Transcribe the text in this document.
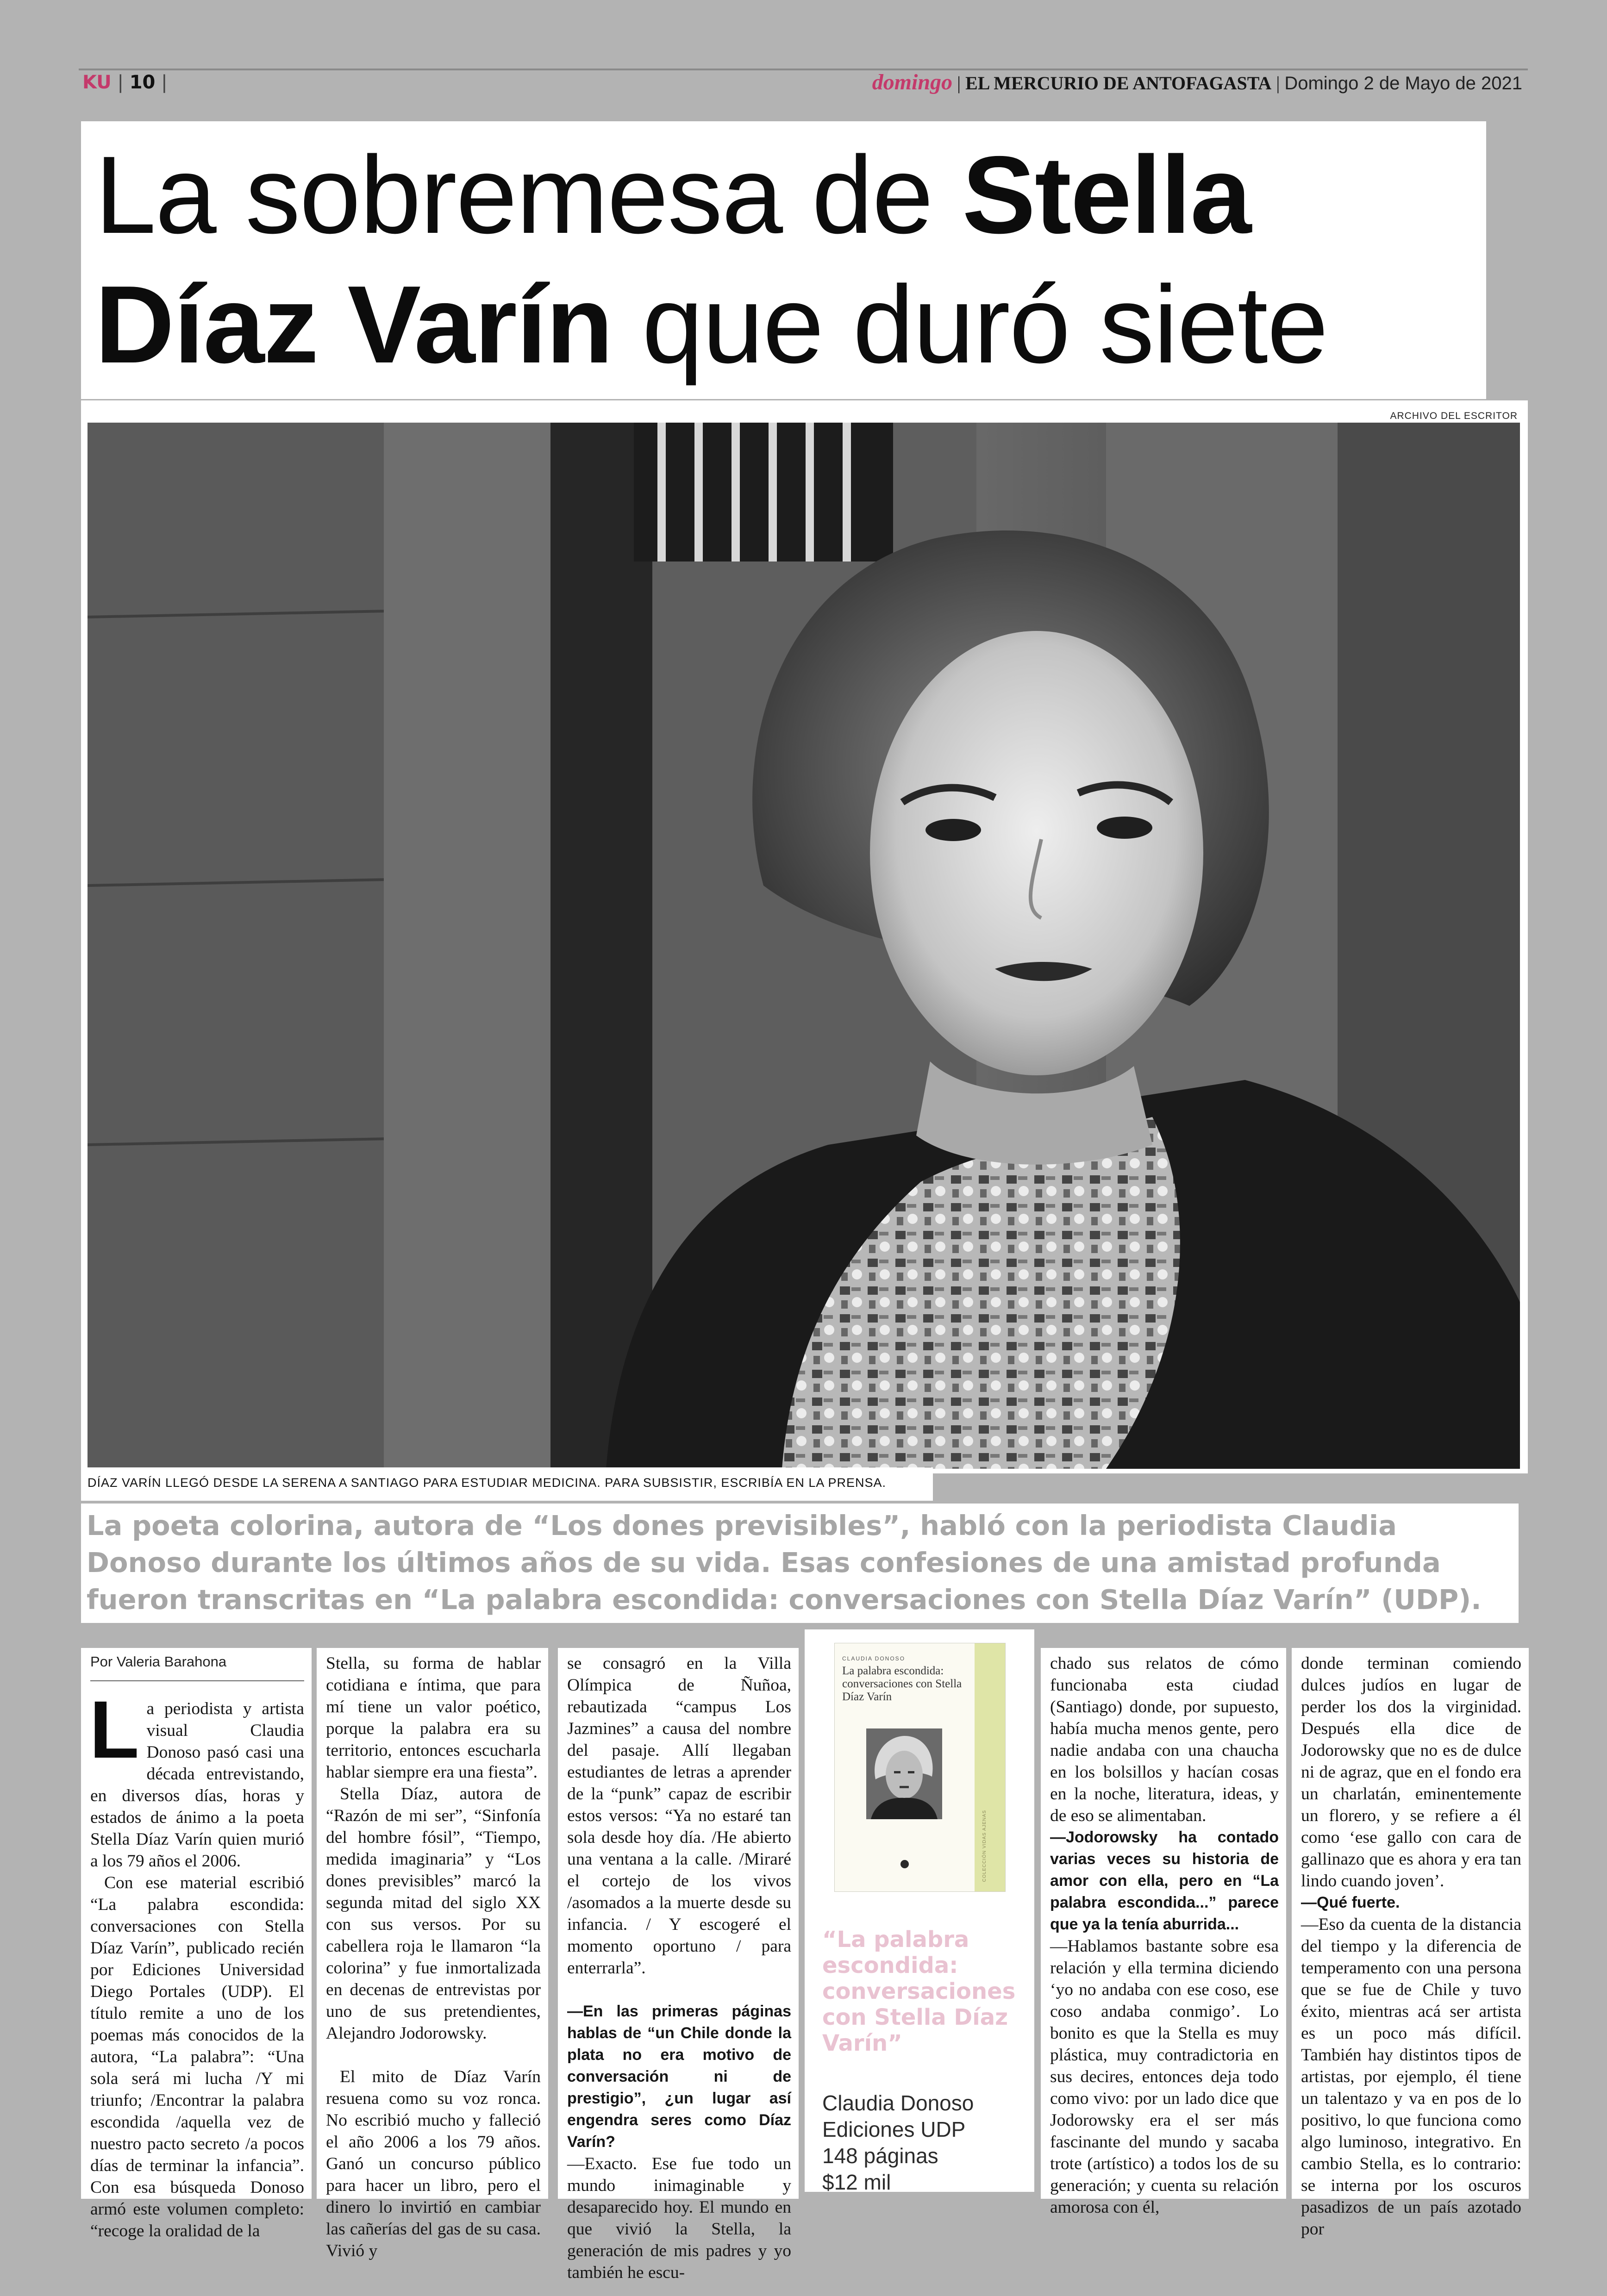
KU | 10 |	domingo | EL MERCURIO DE ANTOFAGASTA | Domingo 2 de Mayo de 2021
La sobremesa de Stella Díaz Varín que duró siete
ARCHIVO DEL ESCRITOR
DÍAZ VARÍN LLEGÓ DESDE LA SERENA A SANTIAGO PARA ESTUDIAR MEDICINA. PARA SUBSISTIR, ESCRIBÍA EN LA PRENSA.
La poeta colorina, autora de “Los dones previsibles”, habló con la periodista Claudia Donoso durante los últimos años de su vida. Esas confesiones de una amistad profunda fueron transcritas en “La palabra escondida: conversaciones con Stella Díaz Varín” (UDP).
Por Valeria Barahona

La periodista y artista visual Claudia Donoso pasó casi una década entrevistando, en diversos días, horas y estados de ánimo a la poeta Stella Díaz Varín quien murió a los 79 años el 2006.

Con ese material escribió “La palabra escondida: conversaciones con Stella Díaz Varín”, publicado recién por Ediciones Universidad Diego Portales (UDP). El título remite a uno de los poemas más conocidos de la autora, “La palabra”: “Una sola será mi lucha /Y mi triunfo; /Encontrar la palabra escondida /aquella vez de nuestro pacto secreto /a pocos días de terminar la infancia”. Con esa búsqueda Donoso armó este volumen completo: “recoge la oralidad de la

Stella, su forma de hablar cotidiana e íntima, que para mí tiene un valor poético, porque la palabra era su territorio, entonces escucharla hablar siempre era una fiesta”.

Stella Díaz, autora de “Razón de mi ser”, “Sinfonía del hombre fósil”, “Tiempo, medida imaginaria” y “Los dones previsibles” marcó la segunda mitad del siglo XX con sus versos. Por su cabellera roja le llamaron “la colorina” y fue inmortalizada en decenas de entrevistas por uno de sus pretendientes, Alejandro Jodorowsky.

El mito de Díaz Varín resuena como su voz ronca. No escribió mucho y falleció el año 2006 a los 79 años. Ganó un concurso público para hacer un libro, pero el dinero lo invirtió en cambiar las cañerías del gas de su casa. Vivió y

se consagró en la Villa Olímpica de Ñuñoa, rebautizada “campus Los Jazmines” a causa del nombre del pasaje. Allí llegaban estudiantes de letras a aprender de la “punk” capaz de escribir estos versos: “Ya no estaré tan sola desde hoy día. /He abierto una ventana a la calle. /Miraré el cortejo de los vivos /asomados a la muerte desde su infancia. / Y escogeré el momento oportuno / para enterrarla”.

—En las primeras páginas hablas de “un Chile donde la plata no era motivo de conversación ni de prestigio”, ¿un lugar así engendra seres como Díaz Varín?

—Exacto. Ese fue todo un mundo inimaginable y desaparecido hoy. El mundo en que vivió la Stella, la generación de mis padres y yo también he escu-

CLAUDIA DONOSO
La palabra escondida: conversaciones con Stella Díaz Varín
COLECCIÓN VIDAS AJENAS
“La palabra escondida: conversaciones con Stella Díaz Varín”
Claudia Donoso
Ediciones UDP
148 páginas
$12 mil

chado sus relatos de cómo funcionaba esta ciudad (Santiago) donde, por supuesto, había mucha menos gente, pero nadie andaba con una chaucha en los bolsillos y hacían cosas en la noche, literatura, ideas, y de eso se alimentaban.

—Jodorowsky ha contado varias veces su historia de amor con ella, pero en “La palabra escondida...” parece que ya la tenía aburrida...

—Hablamos bastante sobre esa relación y ella termina diciendo ‘yo no andaba con ese coso, ese coso andaba conmigo’. Lo bonito es que la Stella es muy plástica, muy contradictoria en sus decires, entonces deja todo como vivo: por un lado dice que Jodorowsky era el ser más fascinante del mundo y sacaba trote (artístico) a todos los de su generación; y cuenta su relación amorosa con él,

donde terminan comiendo dulces judíos en lugar de perder los dos la virginidad. Después ella dice de Jodorowsky que no es de dulce ni de agraz, que en el fondo era un charlatán, eminentemente un florero, y se refiere a él como ‘ese gallo con cara de gallinazo que es ahora y era tan lindo cuando joven’.

—Qué fuerte.

—Eso da cuenta de la distancia del tiempo y la diferencia de temperamento con una persona que se fue de Chile y tuvo éxito, mientras acá ser artista es un poco más difícil. También hay distintos tipos de artistas, por ejemplo, él tiene un talentazo y va en pos de lo positivo, lo que funciona como algo luminoso, integrativo. En cambio Stella, es lo contrario: se interna por los oscuros pasadizos de un país azotado por
